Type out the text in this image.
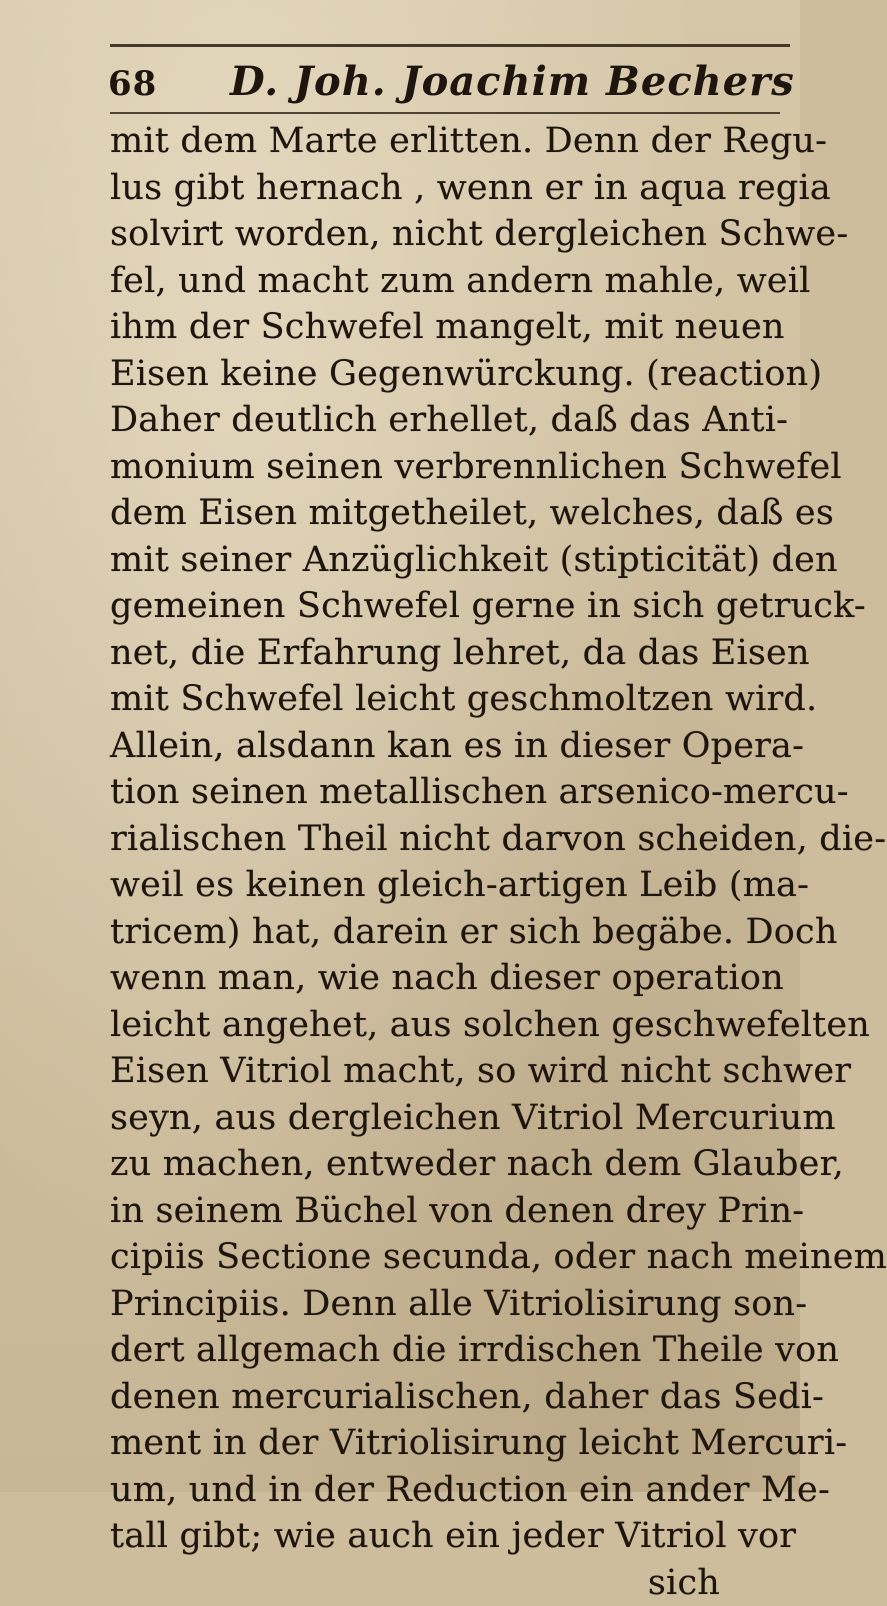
68 D. Joh. Joachim Bechers
mit dem Marte erlitten. Denn der Regu-
lus gibt hernach , wenn er in aqua regia
solvirt worden, nicht dergleichen Schwe-
fel, und macht zum andern mahle, weil
ihm der Schwefel mangelt, mit neuen
Eisen keine Gegenwürckung. (reaction)
Daher deutlich erhellet, daß das Anti-
monium seinen verbrennlichen Schwefel
dem Eisen mitgetheilet, welches, daß es
mit seiner Anzüglichkeit (stipticität) den
gemeinen Schwefel gerne in sich getruck-
net, die Erfahrung lehret, da das Eisen
mit Schwefel leicht geschmoltzen wird.
Allein, alsdann kan es in dieser Opera-
tion seinen metallischen arsenico-mercu-
rialischen Theil nicht darvon scheiden, die-
weil es keinen gleich-artigen Leib (ma-
tricem) hat, darein er sich begäbe. Doch
wenn man, wie nach dieser operation
leicht angehet, aus solchen geschwefelten
Eisen Vitriol macht, so wird nicht schwer
seyn, aus dergleichen Vitriol Mercurium
zu machen, entweder nach dem Glauber,
in seinem Büchel von denen drey Prin-
cipiis Sectione secunda, oder nach meinem
Principiis. Denn alle Vitriolisirung son-
dert allgemach die irrdischen Theile von
denen mercurialischen, daher das Sedi-
ment in der Vitriolisirung leicht Mercuri-
um, und in der Reduction ein ander Me-
tall gibt; wie auch ein jeder Vitriol vor
sich
